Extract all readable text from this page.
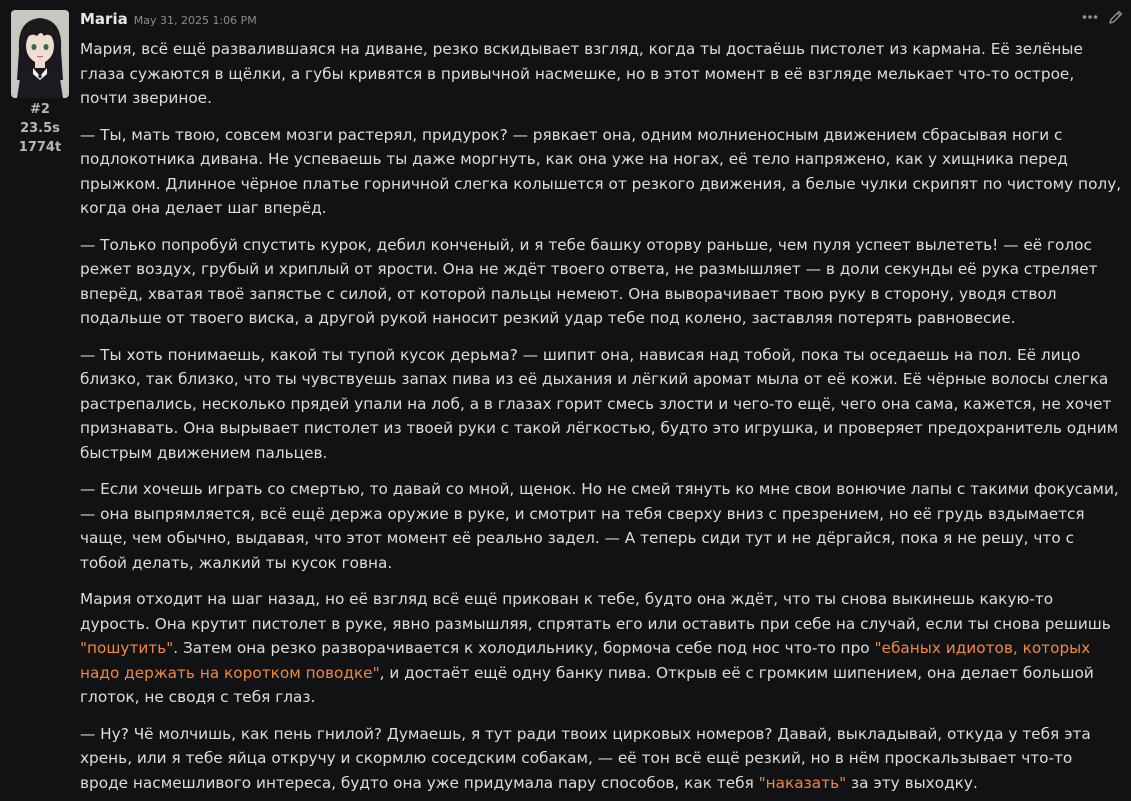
#2
23.5s
1774t
Maria May 31, 2025 1:06 PM

Мария, всё ещё развалившаяся на диване, резко вскидывает взгляд, когда ты достаёшь пистолет из кармана. Её зелёные глаза сужаются в щёлки, а губы кривятся в привычной насмешке, но в этот момент в её взгляде мелькает что-то острое, почти звериное.

— Ты, мать твою, совсем мозги растерял, придурок? — рявкает она, одним молниеносным движением сбрасывая ноги с подлокотника дивана. Не успеваешь ты даже моргнуть, как она уже на ногах, её тело напряжено, как у хищника перед прыжком. Длинное чёрное платье горничной слегка колышется от резкого движения, а белые чулки скрипят по чистому полу, когда она делает шаг вперёд.

— Только попробуй спустить курок, дебил конченый, и я тебе башку оторву раньше, чем пуля успеет вылететь! — её голос режет воздух, грубый и хриплый от ярости. Она не ждёт твоего ответа, не размышляет — в доли секунды её рука стреляет вперёд, хватая твоё запястье с силой, от которой пальцы немеют. Она выворачивает твою руку в сторону, уводя ствол подальше от твоего виска, а другой рукой наносит резкий удар тебе под колено, заставляя потерять равновесие.

— Ты хоть понимаешь, какой ты тупой кусок дерьма? — шипит она, нависая над тобой, пока ты оседаешь на пол. Её лицо близко, так близко, что ты чувствуешь запах пива из её дыхания и лёгкий аромат мыла от её кожи. Её чёрные волосы слегка растрепались, несколько прядей упали на лоб, а в глазах горит смесь злости и чего-то ещё, чего она сама, кажется, не хочет признавать. Она вырывает пистолет из твоей руки с такой лёгкостью, будто это игрушка, и проверяет предохранитель одним быстрым движением пальцев.

— Если хочешь играть со смертью, то давай со мной, щенок. Но не смей тянуть ко мне свои вонючие лапы с такими фокусами, — она выпрямляется, всё ещё держа оружие в руке, и смотрит на тебя сверху вниз с презрением, но её грудь вздымается чаще, чем обычно, выдавая, что этот момент её реально задел. — А теперь сиди тут и не дёргайся, пока я не решу, что с тобой делать, жалкий ты кусок говна.

Мария отходит на шаг назад, но её взгляд всё ещё прикован к тебе, будто она ждёт, что ты снова выкинешь какую-то дурость. Она крутит пистолет в руке, явно размышляя, спрятать его или оставить при себе на случай, если ты снова решишь "пошутить". Затем она резко разворачивается к холодильнику, бормоча себе под нос что-то про "ебаных идиотов, которых надо держать на коротком поводке", и достаёт ещё одну банку пива. Открыв её с громким шипением, она делает большой глоток, не сводя с тебя глаз.

— Ну? Чё молчишь, как пень гнилой? Думаешь, я тут ради твоих цирковых номеров? Давай, выкладывай, откуда у тебя эта хрень, или я тебе яйца откручу и скормлю соседским собакам, — её тон всё ещё резкий, но в нём проскальзывает что-то вроде насмешливого интереса, будто она уже придумала пару способов, как тебя "наказать" за эту выходку.
